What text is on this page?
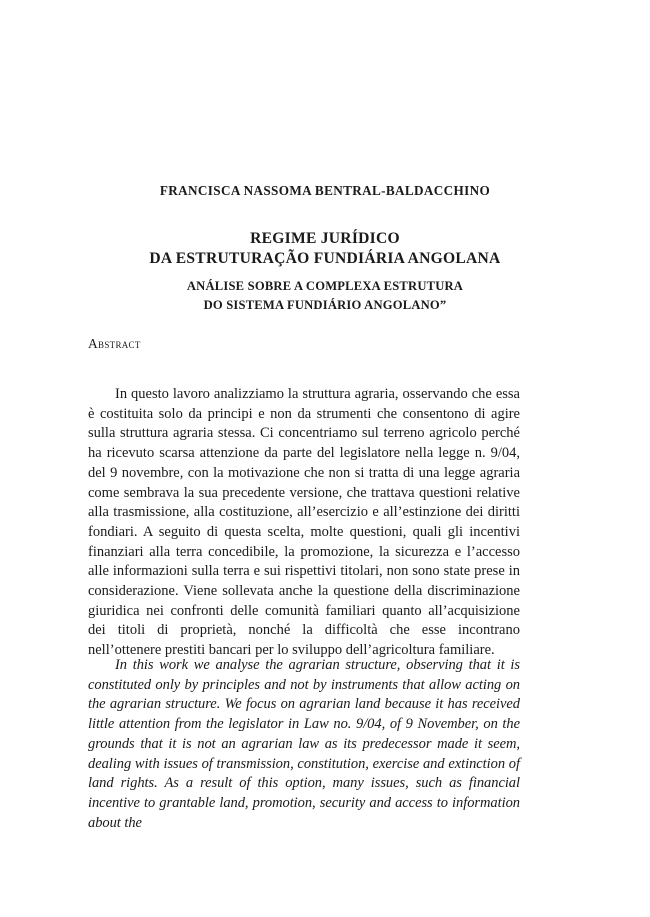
FRANCISCA NASSOMA BENTRAL-BALDACCHINO
REGIME JURÍDICO
DA ESTRUTURAÇÃO FUNDIÁRIA ANGOLANA
ANÁLISE SOBRE A COMPLEXA ESTRUTURA
DO SISTEMA FUNDIÁRIO ANGOLANO”
Abstract

In questo lavoro analizziamo la struttura agraria, osservando che essa è costituita solo da principi e non da strumenti che consentono di agire sulla struttura agraria stessa. Ci concentriamo sul terreno agricolo perché ha ricevuto scarsa attenzione da parte del legislatore nella legge n. 9/04, del 9 novembre, con la motivazione che non si tratta di una legge agraria come sembrava la sua precedente versione, che trattava questioni relative alla trasmissione, alla costituzione, all’esercizio e all’estinzione dei diritti fondiari. A seguito di questa scelta, molte questioni, quali gli incentivi finanziari alla terra concedibile, la promozione, la sicurezza e l’accesso alle informazioni sulla terra e sui rispettivi titolari, non sono state prese in considerazione. Viene sollevata anche la questione della discriminazione giuridica nei confronti delle comunità familiari quanto all’acquisizione dei titoli di proprietà, nonché la difficoltà che esse incontrano nell’ottenere prestiti bancari per lo sviluppo dell’agricoltura familiare.

In this work we analyse the agrarian structure, observing that it is constituted only by principles and not by instruments that allow acting on the agrarian structure. We focus on agrarian land because it has received little attention from the legislator in Law no. 9/04, of 9 November, on the grounds that it is not an agrarian law as its predecessor made it seem, dealing with issues of transmission, constitution, exercise and extinction of land rights. As a result of this option, many issues, such as financial incentive to grantable land, promotion, security and access to information about the
